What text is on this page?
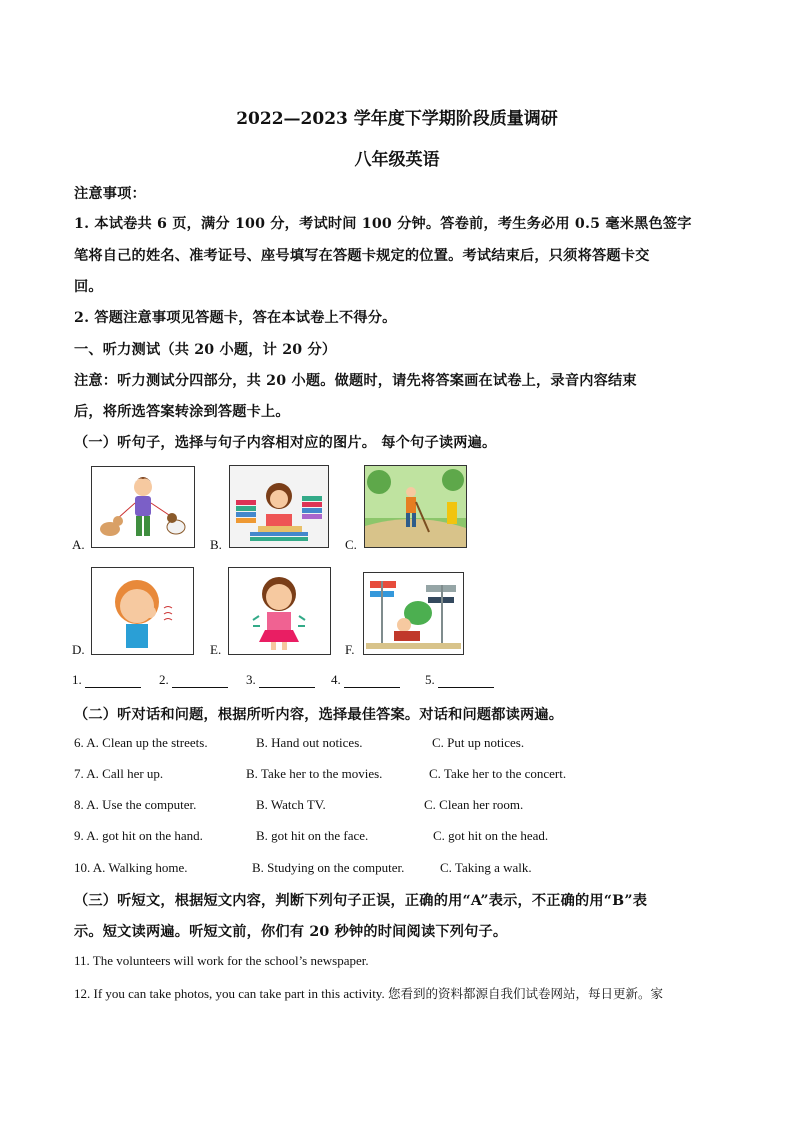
2022—2023 学年度下学期阶段质量调研
八年级英语
注意事项：
1. 本试卷共 6 页，满分 100 分，考试时间 100 分钟。答卷前，考生务必用 0.5 毫米黑色签字
笔将自己的姓名、准考证号、座号填写在答题卡规定的位置。考试结束后，只须将答题卡交
回。
2. 答题注意事项见答题卡，答在本试卷上不得分。
一、听力测试（共 20 小题，计 20 分）
注意：听力测试分四部分，共 20 小题。做题时，请先将答案画在试卷上，录音内容结束
后，将所选答案转涂到答题卡上。
（一）听句子，选择与句子内容相对应的图片。 每个句子读两遍。
A.	B.	C.
D.	E.	F.
1.	2.	3.	4.	5.
（二）听对话和问题，根据所听内容，选择最佳答案。对话和问题都读两遍。
6. A. Clean up the streets.	B. Hand out notices.	C. Put up notices.
7. A. Call her up.	B. Take her to the movies.	C. Take her to the concert.
8. A. Use the computer.	B. Watch TV.	C. Clean her room.
9. A. got hit on the hand.	B. got hit on the face.	C. got hit on the head.
10. A. Walking home.	B. Studying on the computer.	C. Taking a walk.
（三）听短文，根据短文内容，判断下列句子正误，正确的用“A”表示，不正确的用“B”表
示。短文读两遍。听短文前，你们有 20 秒钟的时间阅读下列句子。
11. The volunteers will work for the school’s newspaper.
12. If you can take photos, you can take part in this activity. 您看到的资料都源自我们试卷网站，每日更新。家
